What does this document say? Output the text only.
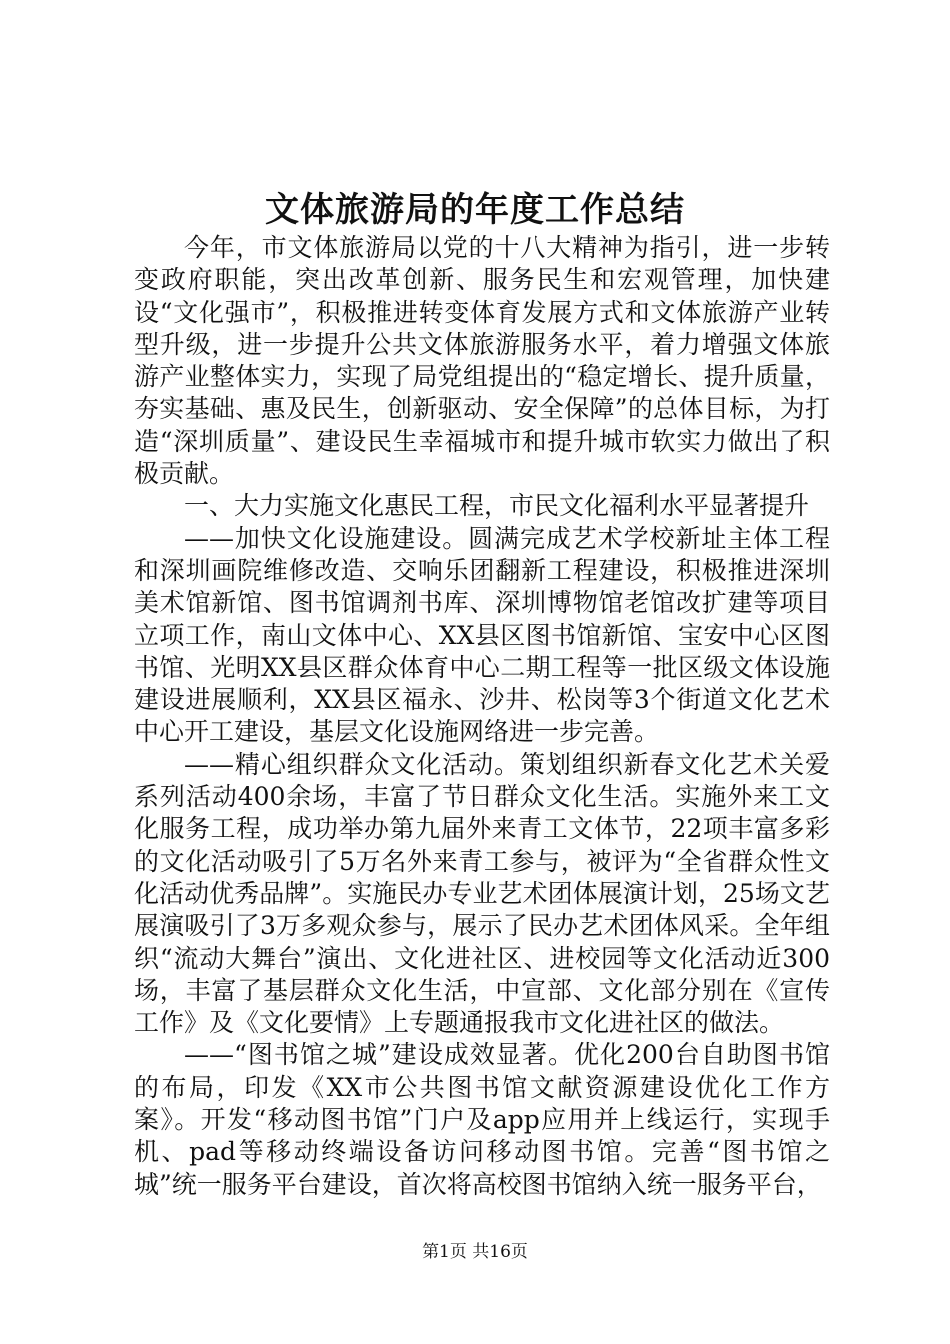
文体旅游局的年度工作总结

今年，市文体旅游局以党的十八大精神为指引，进一步转变政府职能，突出改革创新、服务民生和宏观管理，加快建设“文化强市”，积极推进转变体育发展方式和文体旅游产业转型升级，进一步提升公共文体旅游服务水平，着力增强文体旅游产业整体实力，实现了局党组提出的“稳定增长、提升质量，夯实基础、惠及民生，创新驱动、安全保障”的总体目标，为打造“深圳质量”、建设民生幸福城市和提升城市软实力做出了积极贡献。

一、大力实施文化惠民工程，市民文化福利水平显著提升

——加快文化设施建设。圆满完成艺术学校新址主体工程和深圳画院维修改造、交响乐团翻新工程建设，积极推进深圳美术馆新馆、图书馆调剂书库、深圳博物馆老馆改扩建等项目立项工作，南山文体中心、XX县区图书馆新馆、宝安中心区图书馆、光明XX县区群众体育中心二期工程等一批区级文体设施建设进展顺利，XX县区福永、沙井、松岗等3个街道文化艺术中心开工建设，基层文化设施网络进一步完善。

——精心组织群众文化活动。策划组织新春文化艺术关爱系列活动400余场，丰富了节日群众文化生活。实施外来工文化服务工程，成功举办第九届外来青工文体节，22项丰富多彩的文化活动吸引了5万名外来青工参与，被评为“全省群众性文化活动优秀品牌”。实施民办专业艺术团体展演计划，25场文艺展演吸引了3万多观众参与，展示了民办艺术团体风采。全年组织“流动大舞台”演出、文化进社区、进校园等文化活动近300场，丰富了基层群众文化生活，中宣部、文化部分别在《宣传工作》及《文化要情》上专题通报我市文化进社区的做法。

——“图书馆之城”建设成效显著。优化200台自助图书馆的布局，印发《XX市公共图书馆文献资源建设优化工作方案》。开发“移动图书馆”门户及app应用并上线运行，实现手机、pad等移动终端设备访问移动图书馆。完善“图书馆之城”统一服务平台建设，首次将高校图书馆纳入统一服务平台，

第1页 共16页
